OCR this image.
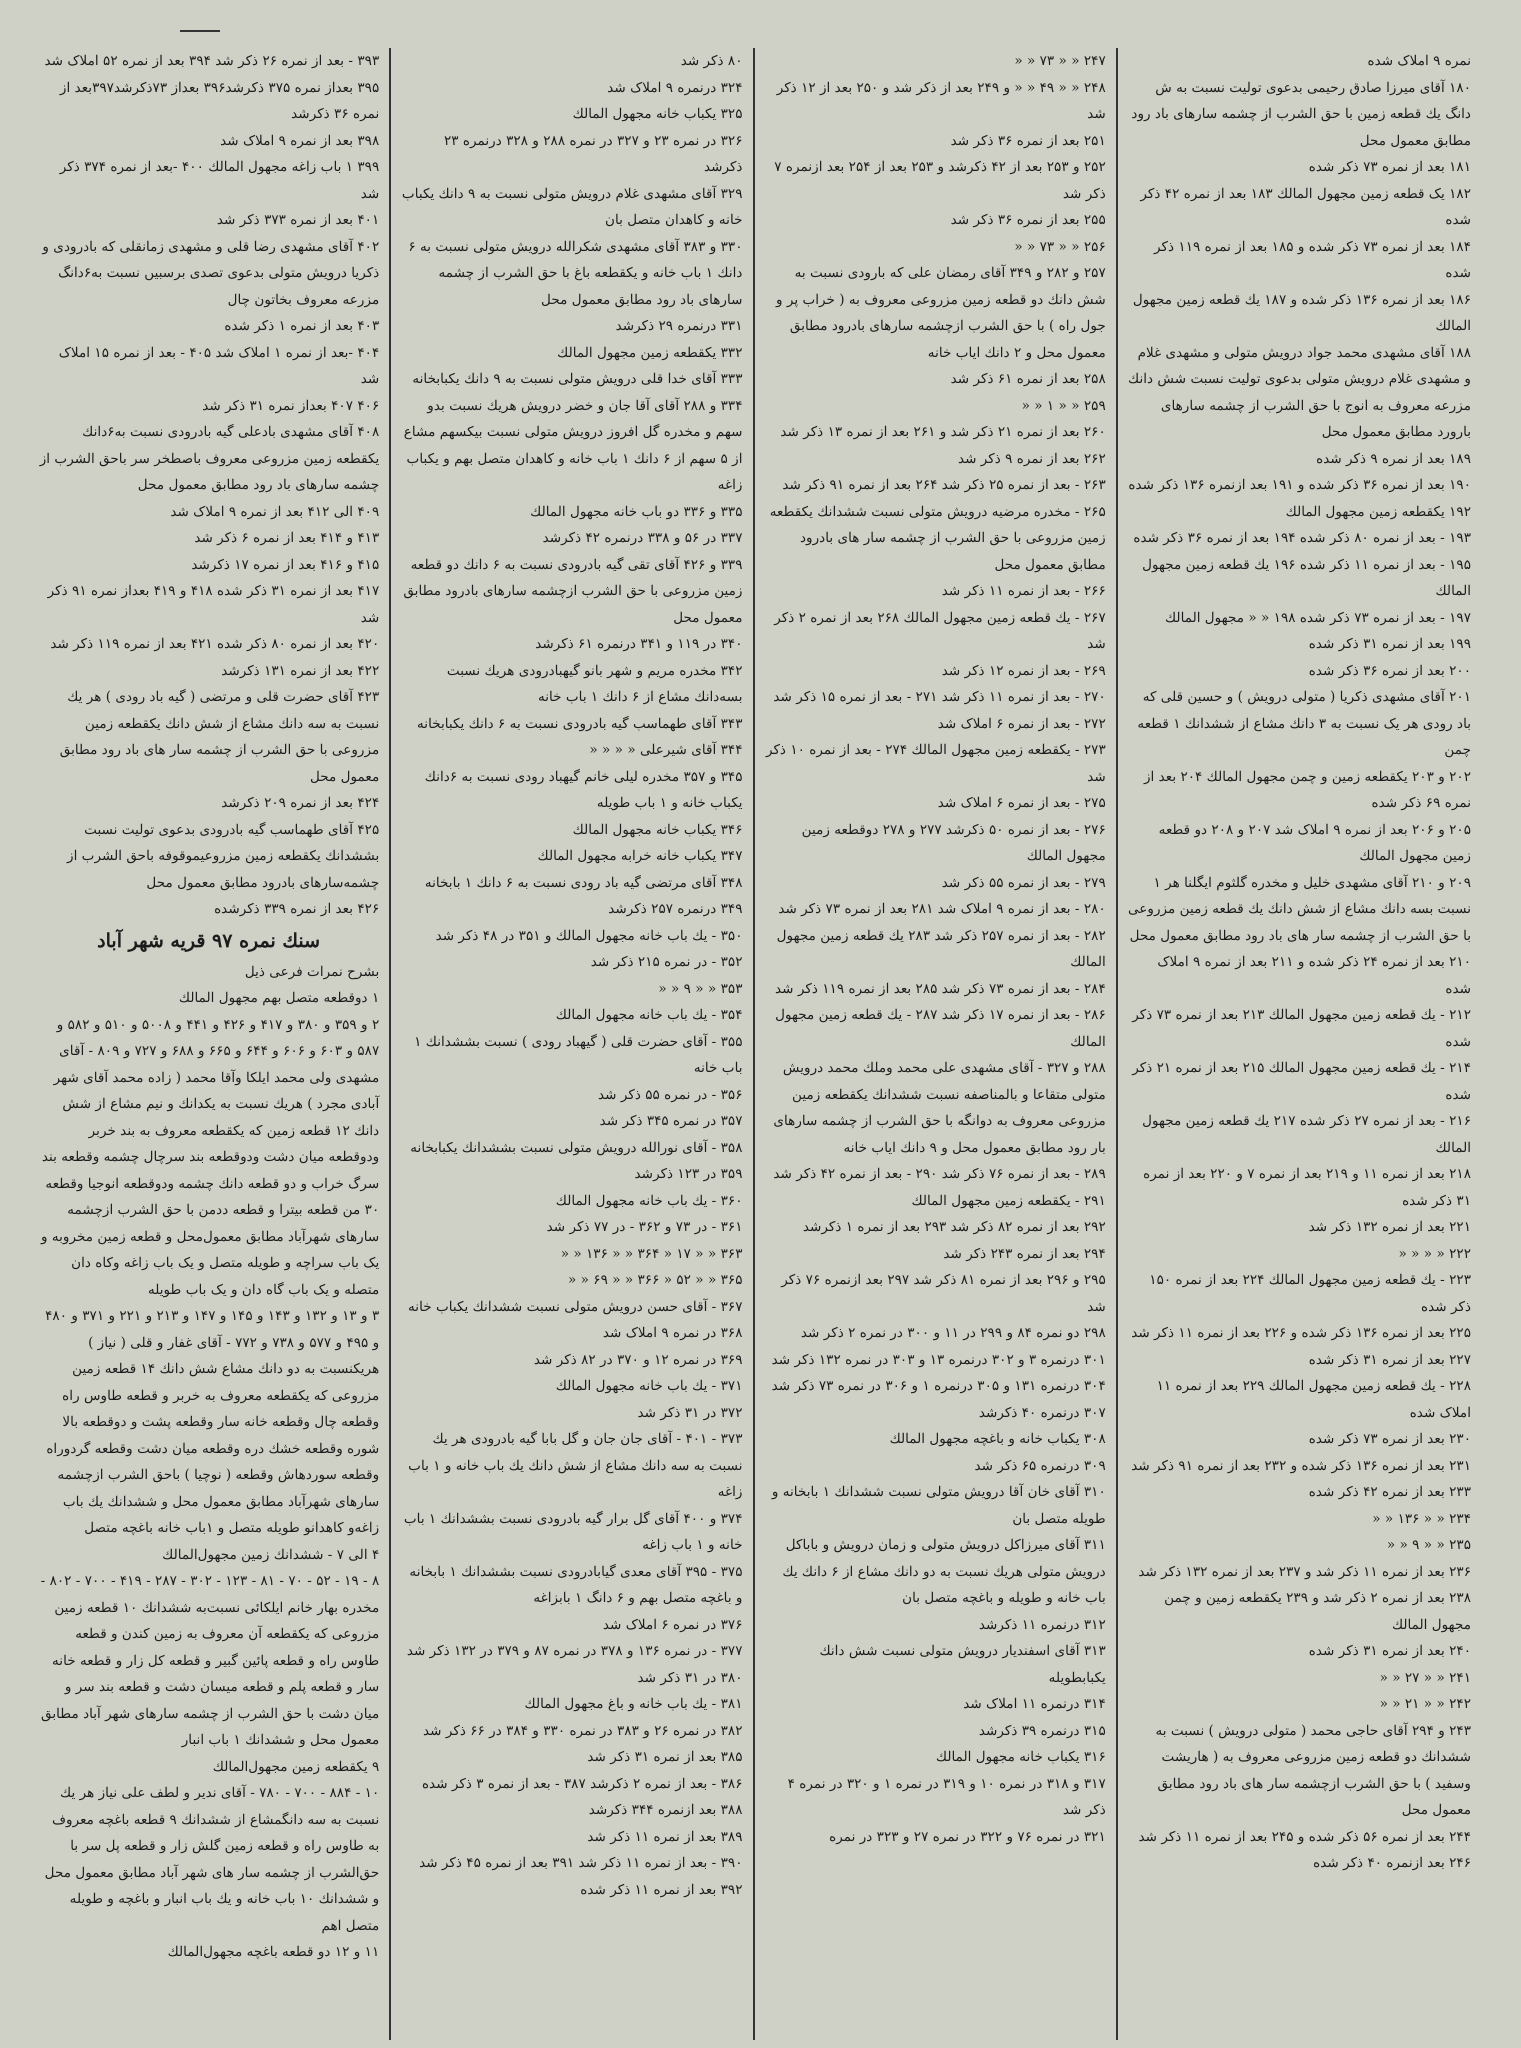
نمره ۹ املاک شده
۱۸۰ آقای میرزا صادق رحیمی بدعوی تولیت نسبت به ش دانگ یك قطعه زمین با حق الشرب از چشمه سارهای باد رود مطابق معمول محل
۱۸۱ بعد از نمره ۷۳ ذکر شده
۱۸۲ یک قطعه زمین مجهول المالك ۱۸۳ بعد از نمره ۴۲ ذکر شده
۱۸۴ بعد از نمره ۷۳ ذکر شده و ۱۸۵ بعد از نمره ۱۱۹ ذکر شده
۱۸۶ بعد از نمره ۱۳۶ ذکر شده و ۱۸۷ یك قطعه زمین مجهول المالك
۱۸۸ آقای مشهدی محمد جواد درویش متولی و مشهدی غلام و مشهدی غلام درویش متولی بدعوی تولیت نسبت شش دانك مزرعه معروف به انوج با حق الشرب از چشمه سارهای بارورد مطابق معمول محل
۱۸۹ بعد از نمره ۹ ذکر شده
۱۹۰ بعد از نمره ۳۶ ذکر شده و ۱۹۱ بعد ازنمره ۱۳۶ ذکر شده
۱۹۲ یکقطعه زمین مجهول المالك
۱۹۳ - بعد از نمره ۸۰ ذکر شده ۱۹۴ بعد از نمره ۳۶ ذکر شده
۱۹۵ - بعد از نمره ۱۱ ذکر شده ۱۹۶ یك قطعه زمین مجهول المالك
۱۹۷ - بعد از نمره ۷۳ ذکر شده ۱۹۸ « « مجهول المالك
۱۹۹ بعد از نمره ۳۱ ذکر شده
۲۰۰ بعد از نمره ۳۶ ذکر شده
۲۰۱ آقای مشهدی ذکریا ( متولی درویش ) و حسین قلی که باد رودی هر یک نسبت به ۳ دانك مشاع از ششدانك ۱ قطعه چمن
۲۰۲ و ۲۰۳ یکقطعه زمین و چمن مجهول المالك ۲۰۴ بعد از نمره ۶۹ ذکر شده
۲۰۵ و ۲۰۶ بعد از نمره ۹ املاک شد ۲۰۷ و ۲۰۸ دو قطعه زمین مجهول المالك
۲۰۹ و ۲۱۰ آقای مشهدی خلیل و مخدره گلثوم ایگلنا هر ۱ نسبت بسه دانك مشاع از شش دانك یك قطعه زمین مزروعی با حق الشرب از چشمه سار های باد رود مطابق معمول محل
۲۱۰ بعد از نمره ۲۴ ذکر شده و ۲۱۱ بعد از نمره ۹ املاک شده
۲۱۲ - یك قطعه زمین مجهول المالك ۲۱۳ بعد از نمره ۷۳ ذکر شده
۲۱۴ - یك قطعه زمین مجهول المالك ۲۱۵ بعد از نمره ۲۱ ذکر شده
۲۱۶ - بعد از نمره ۲۷ ذکر شده ۲۱۷ یك قطعه زمین مجهول المالك
۲۱۸ بعد از نمره ۱۱ و ۲۱۹ بعد از نمره ۷ و ۲۲۰ بعد از نمره ۳۱ ذکر شده
۲۲۱ بعد از نمره ۱۳۲ ذکر شد
۲۲۲ « « « «
۲۲۳ - یك قطعه زمین مجهول المالك ۲۲۴ بعد از نمره ۱۵۰ ذکر شده
۲۲۵ بعد از نمره ۱۳۶ ذکر شده و ۲۲۶ بعد از نمره ۱۱ ذکر شد
۲۲۷ بعد از نمره ۳۱ ذکر شده
۲۲۸ - یك قطعه زمین مجهول المالك ۲۲۹ بعد از نمره ۱۱ املاک شده
۲۳۰ بعد از نمره ۷۳ ذکر شده
۲۳۱ بعد از نمره ۱۳۶ ذکر شده و ۲۳۲ بعد از نمره ۹۱ ذکر شد
۲۳۳ بعد از نمره ۴۲ ذکر شده
۲۳۴ « « ۱۳۶ « «
۲۳۵ « « ۹ « «
۲۳۶ بعد از نمره ۱۱ ذکر شد و ۲۳۷ بعد از نمره ۱۳۲ ذکر شد
۲۳۸ بعد از نمره ۲ ذکر شد و ۲۳۹ یکقطعه زمین و چمن مجهول المالك
۲۴۰ بعد از نمره ۳۱ ذکر شده
۲۴۱ « « ۲۷ « «
۲۴۲ « « ۲۱ « «
۲۴۳ و ۲۹۴ آقای حاجی محمد ( متولی درویش ) نسبت به ششدانك دو قطعه زمین مزروعی معروف به ( هاریشت وسفید ) با حق الشرب ازچشمه سار های باد رود مطابق معمول محل
۲۴۴ بعد از نمره ۵۶ ذکر شده و ۲۴۵ بعد از نمره ۱۱ ذکر شد
۲۴۶ بعد ازنمره ۴۰ ذکر شده
۲۴۷ « « ۷۳ « «
۲۴۸ « « ۴۹ « « و ۲۴۹ بعد از ذکر شد و ۲۵۰ بعد از ۱۲ ذکر شد
۲۵۱ بعد از نمره ۳۶ ذکر شد
۲۵۲ و ۲۵۳ بعد از ۴۲ ذکرشد و ۲۵۳ بعد از ۲۵۴ بعد ازنمره ۷ ذکر شد
۲۵۵ بعد از نمره ۳۶ ذکر شد
۲۵۶ « « ۷۳ « «
۲۵۷ و ۲۸۲ و ۳۴۹ آقای رمضان علی که بارودی نسبت به شش دانك دو قطعه زمین مزروعی معروف به ( خراب پر و جول راه ) با حق الشرب ازچشمه سارهای بادرود مطابق معمول محل و ۲ دانك ایاب خانه
۲۵۸ بعد از نمره ۶۱ ذکر شد
۲۵۹ « « ۱ « «
۲۶۰ بعد از نمره ۲۱ ذکر شد و ۲۶۱ بعد از نمره ۱۳ ذکر شد
۲۶۲ بعد از نمره ۹ ذکر شد
۲۶۳ - بعد از نمره ۲۵ ذکر شد ۲۶۴ بعد از نمره ۹۱ ذکر شد
۲۶۵ - مخدره مرضیه درویش متولی نسبت ششدانك یکقطعه زمین مزروعی با حق الشرب از چشمه سار های بادرود مطابق معمول محل
۲۶۶ - بعد از نمره ۱۱ ذکر شد
۲۶۷ - یك قطعه زمین مجهول المالك ۲۶۸ بعد از نمره ۲ ذکر شد
۲۶۹ - بعد از نمره ۱۲ ذکر شد
۲۷۰ - بعد از نمره ۱۱ ذکر شد ۲۷۱ - بعد از نمره ۱۵ ذکر شد
۲۷۲ - بعد از نمره ۶ املاک شد
۲۷۳ - یکقطعه زمین مجهول المالك ۲۷۴ - بعد از نمره ۱۰ ذکر شد
۲۷۵ - بعد از نمره ۶ املاک شد
۲۷۶ - بعد از نمره ۵۰ ذکرشد ۲۷۷ و ۲۷۸ دوقطعه زمین مجهول المالك
۲۷۹ - بعد از نمره ۵۵ ذکر شد
۲۸۰ - بعد از نمره ۹ املاک شد ۲۸۱ بعد از نمره ۷۳ ذکر شد
۲۸۲ - بعد از نمره ۲۵۷ ذکر شد ۲۸۳ یك قطعه زمین مجهول المالك
۲۸۴ - بعد از نمره ۷۳ ذکر شد ۲۸۵ بعد از نمره ۱۱۹ ذکر شد
۲۸۶ - بعد از نمره ۱۷ ذکر شد ۲۸۷ - یك قطعه زمین مجهول المالك
۲۸۸ و ۳۲۷ - آقای مشهدی علی محمد وملك محمد درویش متولی متقاعا و بالمناصفه نسبت ششدانك یکقطعه زمین مزروعی معروف به دوانگه با حق الشرب از چشمه سارهای بار رود مطابق معمول محل و ۹ دانك ایاب خانه
۲۸۹ - بعد از نمره ۷۶ ذکر شد ۲۹۰ - بعد از نمره ۴۲ ذکر شد
۲۹۱ - یکقطعه زمین مجهول المالك
۲۹۲ بعد از نمره ۸۲ ذکر شد ۲۹۳ بعد از نمره ۱ ذکرشد
۲۹۴ بعد از نمره ۲۴۳ ذکر شد
۲۹۵ و ۲۹۶ بعد از نمره ۸۱ ذکر شد ۲۹۷ بعد ازنمره ۷۶ ذکر شد
۲۹۸ دو نمره ۸۴ و ۲۹۹ در ۱۱ و ۳۰۰ در نمره ۲ ذکر شد
۳۰۱ درنمره ۳ و ۳۰۲ درنمره ۱۳ و ۳۰۳ در نمره ۱۳۲ ذکر شد
۳۰۴ درنمره ۱۳۱ و ۳۰۵ درنمره ۱ و ۳۰۶ در نمره ۷۳ ذکر شد
۳۰۷ درنمره ۴۰ ذکرشد
۳۰۸ یکباب خانه و باغچه مجهول المالك
۳۰۹ درنمره ۶۵ ذکر شد
۳۱۰ آقای خان آقا درویش متولی نسبت ششدانك ۱ بابخانه و طویله متصل بان
۳۱۱ آقای میرزاکل درویش متولی و زمان درویش و باباکل درویش متولی هریك نسبت به دو دانك مشاع از ۶ دانك یك باب خانه و طویله و باغچه متصل بان
۳۱۲ درنمره ۱۱ ذکرشد
۳۱۳ آقای اسفندیار درویش متولی نسبت شش دانك یکبابطویله
۳۱۴ درنمره ۱۱ املاک شد
۳۱۵ درنمره ۳۹ ذکرشد
۳۱۶ یکباب خانه مجهول المالك
۳۱۷ و ۳۱۸ در نمره ۱۰ و ۳۱۹ در نمره ۱ و ۳۲۰ در نمره ۴ ذکر شد
۳۲۱ در نمره ۷۶ و ۳۲۲ در نمره ۲۷ و ۳۲۳ در نمره
۸۰ ذکر شد
۳۲۴ درنمره ۹ املاک شد
۳۲۵ یکباب خانه مجهول المالك
۳۲۶ در نمره ۲۳ و ۳۲۷ در نمره ۲۸۸ و ۳۲۸ درنمره ۲۳ ذکرشد
۳۲۹ آقای مشهدی غلام درویش متولی نسبت به ۹ دانك یکباب خانه و کاهدان متصل بان
۳۳۰ و ۳۸۳ آقای مشهدی شکرالله درویش متولی نسبت به ۶ دانك ۱ باب خانه و یکقطعه باغ با حق الشرب از چشمه سارهای باد رود مطابق معمول محل
۳۳۱ درنمره ۲۹ ذکرشد
۳۳۲ یکقطعه زمین مجهول المالك
۳۳۳ آقای خدا قلی درویش متولی نسبت به ۹ دانك یکبابخانه
۳۳۴ و ۲۸۸ آقای آقا جان و خضر درویش هریك نسبت بدو سهم و مخدره گل افروز درویش متولی نسبت بیکسهم مشاع از ۵ سهم از ۶ دانك ۱ باب خانه و کاهدان متصل بهم و یکباب زاغه
۳۳۵ و ۳۳۶ دو باب خانه مجهول المالك
۳۳۷ در ۵۶ و ۳۳۸ درنمره ۴۲ ذکرشد
۳۳۹ و ۴۲۶ آقای تقی گیه بادرودی نسبت به ۶ دانك دو قطعه زمین مزروعی با حق الشرب ازچشمه سارهای بادرود مطابق معمول محل
۳۴۰ در ۱۱۹ و ۳۴۱ درنمره ۶۱ ذکرشد
۳۴۲ مخدره مریم و شهر بانو گیهبادرودی هریك نسبت بسه‌دانك مشاع از ۶ دانك ۱ باب خانه
۳۴۳ آقای طهماسب گیه بادرودی نسبت به ۶ دانك یکبابخانه
۳۴۴ آقای شیرعلی « « « «
۳۴۵ و ۳۵۷ مخدره لیلی خانم گیهباد رودی نسبت به ۶دانك یکباب خانه و ۱ باب طویله
۳۴۶ یکباب خانه مجهول المالك
۳۴۷ یکباب خانه خرابه مجهول المالك
۳۴۸ آقای مرتضی گیه باد رودی نسبت به ۶ دانك ۱ بابخانه
۳۴۹ درنمره ۲۵۷ ذکرشد
۳۵۰ - یك باب خانه مجهول المالك و ۳۵۱ در ۴۸ ذکر شد
۳۵۲ - در نمره ۲۱۵ ذکر شد
۳۵۳ « « ۹ « «
۳۵۴ - یك باب خانه مجهول المالك
۳۵۵ - آقای حضرت قلی ( گیهباد رودی ) نسبت بششدانك ۱ باب خانه
۳۵۶ - در نمره ۵۵ ذکر شد
۳۵۷ در نمره ۳۴۵ ذکر شد
۳۵۸ - آقای نورالله درویش متولی نسبت بششدانك یکبابخانه
۳۵۹ در ۱۲۳ ذکرشد
۳۶۰ - یك باب خانه مجهول المالك
۳۶۱ - در ۷۳ و ۳۶۲ - در ۷۷ ذکر شد
۳۶۳ « « ۱۷ « ۳۶۴ « « ۱۳۶ « «
۳۶۵ « « ۵۲ « ۳۶۶ « « ۶۹ « «
۳۶۷ - آقای حسن درویش متولی نسبت ششدانك یکباب خانه
۳۶۸ در نمره ۹ املاک شد
۳۶۹ در نمره ۱۲ و ۳۷۰ در ۸۲ ذکر شد
۳۷۱ - یك باب خانه مجهول المالك
۳۷۲ در ۳۱ ذکر شد
۳۷۳ - ۴۰۱ - آقای جان جان و گل بابا گیه بادرودی هر یك نسبت به سه دانك مشاع از شش دانك یك باب خانه و ۱ باب زاغه
۳۷۴ و ۴۰۰ آقای گل برار گیه بادرودی نسبت بششدانك ۱ باب خانه و ۱ باب زاغه
۳۷۵ - ۳۹۵ آقای معدی گیابادرودی نسبت بششدانك ۱ بابخانه و باغچه متصل بهم و ۶ دانگ ۱ بابزاغه
۳۷۶ در نمره ۶ املاک شد
۳۷۷ - در نمره ۱۳۶ و ۳۷۸ در نمره ۸۷ و ۳۷۹ در ۱۳۲ ذکر شد
۳۸۰ در ۳۱ ذکر شد
۳۸۱ - یك باب خانه و باغ مجهول المالك
۳۸۲ در نمره ۲۶ و ۳۸۳ در نمره ۳۳۰ و ۳۸۴ در ۶۶ ذکر شد
۳۸۵ بعد از نمره ۳۱ ذکر شد
۳۸۶ - بعد از نمره ۲ ذکرشد ۳۸۷ - بعد از نمره ۳ ذکر شده
۳۸۸ بعد ازنمره ۳۴۴ ذکرشد
۳۸۹ بعد از نمره ۱۱ ذکر شد
۳۹۰ - بعد از نمره ۱۱ ذکر شد ۳۹۱ بعد از نمره ۴۵ ذکر شد
۳۹۲ بعد از نمره ۱۱ ذکر شده
۳۹۳ - بعد از نمره ۲۶ ذکر شد ۳۹۴ بعد از نمره ۵۲ املاک شد
۳۹۵ بعداز نمره ۳۷۵ ذکرشد۳۹۶ بعداز ۷۳ذکرشد۳۹۷بعد از نمره ۳۶ ذکرشد
۳۹۸ بعد از نمره ۹ املاک شد
۳۹۹ ۱ باب زاغه مجهول المالك ۴۰۰ -بعد از نمره ۳۷۴ ذکر شد
۴۰۱ بعد از نمره ۳۷۳ ذکر شد
۴۰۲ آقای مشهدی رضا قلی و مشهدی زمانقلی که بادرودی و ذکریا درویش متولی بدعوی تصدی برسبیں نسبت به۶دانگ مزرعه معروف بخاتون چال
۴۰۳ بعد از نمره ۱ ذکر شده
۴۰۴ -بعد از نمره ۱ املاک شد ۴۰۵ - بعد از نمره ۱۵ املاک شد
۴۰۶ ۴۰۷ بعداز نمره ۳۱ ذکر شد
۴۰۸ آقای مشهدی بادعلی گیه بادرودی نسبت به۶دانك یکقطعه زمین مزروعی معروف باصطخر سر باحق الشرب از چشمه سارهای باد رود مطابق معمول محل
۴۰۹ الی ۴۱۲ بعد از نمره ۹ املاک شد
۴۱۳ و ۴۱۴ بعد از نمره ۶ ذکر شد
۴۱۵ و ۴۱۶ بعد از نمره ۱۷ ذکرشد
۴۱۷ بعد از نمره ۳۱ ذکر شده ۴۱۸ و ۴۱۹ بعداز نمره ۹۱ ذکر شد
۴۲۰ بعد از نمره ۸۰ ذکر شده ۴۲۱ بعد از نمره ۱۱۹ ذکر شد
۴۲۲ بعد از نمره ۱۳۱ ذکرشد
۴۲۳ آقای حضرت قلی و مرتضی ( گیه باد رودی ) هر یك نسبت به سه دانك مشاع از شش دانك یکقطعه زمین مزروعی با حق الشرب از چشمه سار های باد رود مطابق معمول محل
۴۲۴ بعد از نمره ۲۰۹ ذکرشد
۴۲۵ آقای طهماسب گیه بادرودی بدعوی تولیت نسبت بششدانك یکقطعه زمین مزروعیموقوفه باحق الشرب از چشمه‌سارهای بادرود مطابق معمول محل
۴۲۶ بعد از نمره ۳۳۹ ذکرشده
سنك نمره ۹۷ قریه شهر آباد
بشرح نمرات فرعی ذیل
۱ دوقطعه متصل بهم مجهول المالك
۲ و ۳۵۹ و ۳۸۰ و ۴۱۷ و ۴۲۶ و ۴۴۱ و ۵۰۰۸ و ۵۱۰ و ۵۸۲ و ۵۸۷ و ۶۰۳ و ۶۰۶ و ۶۴۴ و ۶۶۵ و ۶۸۸ و ۷۲۷ و ۸۰۹ - آقای مشهدی ولی محمد ایلکا وآقا محمد ( زاده محمد آقای شهر آبادی مجرد ) هریك نسبت به یکدانك و نیم مشاع از شش دانك ۱۲ قطعه زمین که یکقطعه معروف به بند خربر ودوقطعه میان دشت ودوقطعه بند سرچال چشمه وقطعه بند سرگ خراب و دو قطعه دانك چشمه ودوقطعه انوجیا وقطعه ۳۰ من قطعه بیترا و قطعه ددمن با حق الشرب ازچشمه سارهای شهرآباد مطابق معمول‌محل و قطعه زمین مخروبه و یک باب سراچه و طویله متصل و یک باب زاغه وکاه دان متصله و یک باب گاه دان و یک باب طویله
۳ و ۱۳ و ۱۳۲ و ۱۴۳ و ۱۴۵ و ۱۴۷ و ۲۱۳ و ۲۲۱ و ۳۷۱ و ۴۸۰ و ۴۹۵ و ۵۷۷ و ۷۳۸ و ۷۷۲ - آقای غفار و قلی ( نیاز ) هریکنسبت به دو دانك مشاع شش دانك ۱۴ قطعه زمین مزروعی که یکقطعه معروف به خربر و قطعه طاوس راه وقطعه چال وقطعه خانه سار وقطعه پشت و دوقطعه بالا شوره وقطعه خشك دره وقطعه میان دشت وقطعه گردوراه وقطعه سوردهاش وقطعه ( نوچیا ) باحق الشرب ازچشمه سارهای شهرآباد مطابق معمول محل و ششدانك یك باب زاغه‌و کاهدانو طویله متصل و ۱باب خانه باغچه متصل
۴ الی ۷ - ششدانك زمین مجهول‌المالك
۸ - ۱۹ - ۵۲ - ۷۰ - ۸۱ - ۱۲۳ - ۳۰۲ - ۲۸۷ - ۴۱۹ - ۷۰۰ - ۸۰۲ - مخدره بهار خانم ایلکائی نسبت‌به ششدانك ۱۰ قطعه زمین مزروعی که یکقطعه آن معروف به زمین کندن و قطعه طاوس راه و قطعه پائین گبیر و قطعه کل زار و قطعه خانه سار و قطعه پلم و قطعه میسان دشت و قطعه بند سر و میان دشت با حق الشرب از چشمه سارهای شهر آباد مطابق معمول محل و ششدانك ۱ باب انبار
۹ یکقطعه زمین مجهول‌المالك
۱۰ - ۸۸۴ - ۷۰۰ - ۷۸۰ - آقای ندیر و لطف علی نیاز هر یك نسبت به سه دانگمشاع از ششدانك ۹ قطعه باغچه معروف به طاوس راه و قطعه زمین گلش زار و قطعه پل سر با حق‌الشرب از چشمه سار های شهر آباد مطابق معمول محل و ششدانك ۱۰ باب خانه و یك باب انبار و باغچه و طویله متصل اهم
۱۱ و ۱۲ دو قطعه باغچه مجهول‌المالك
